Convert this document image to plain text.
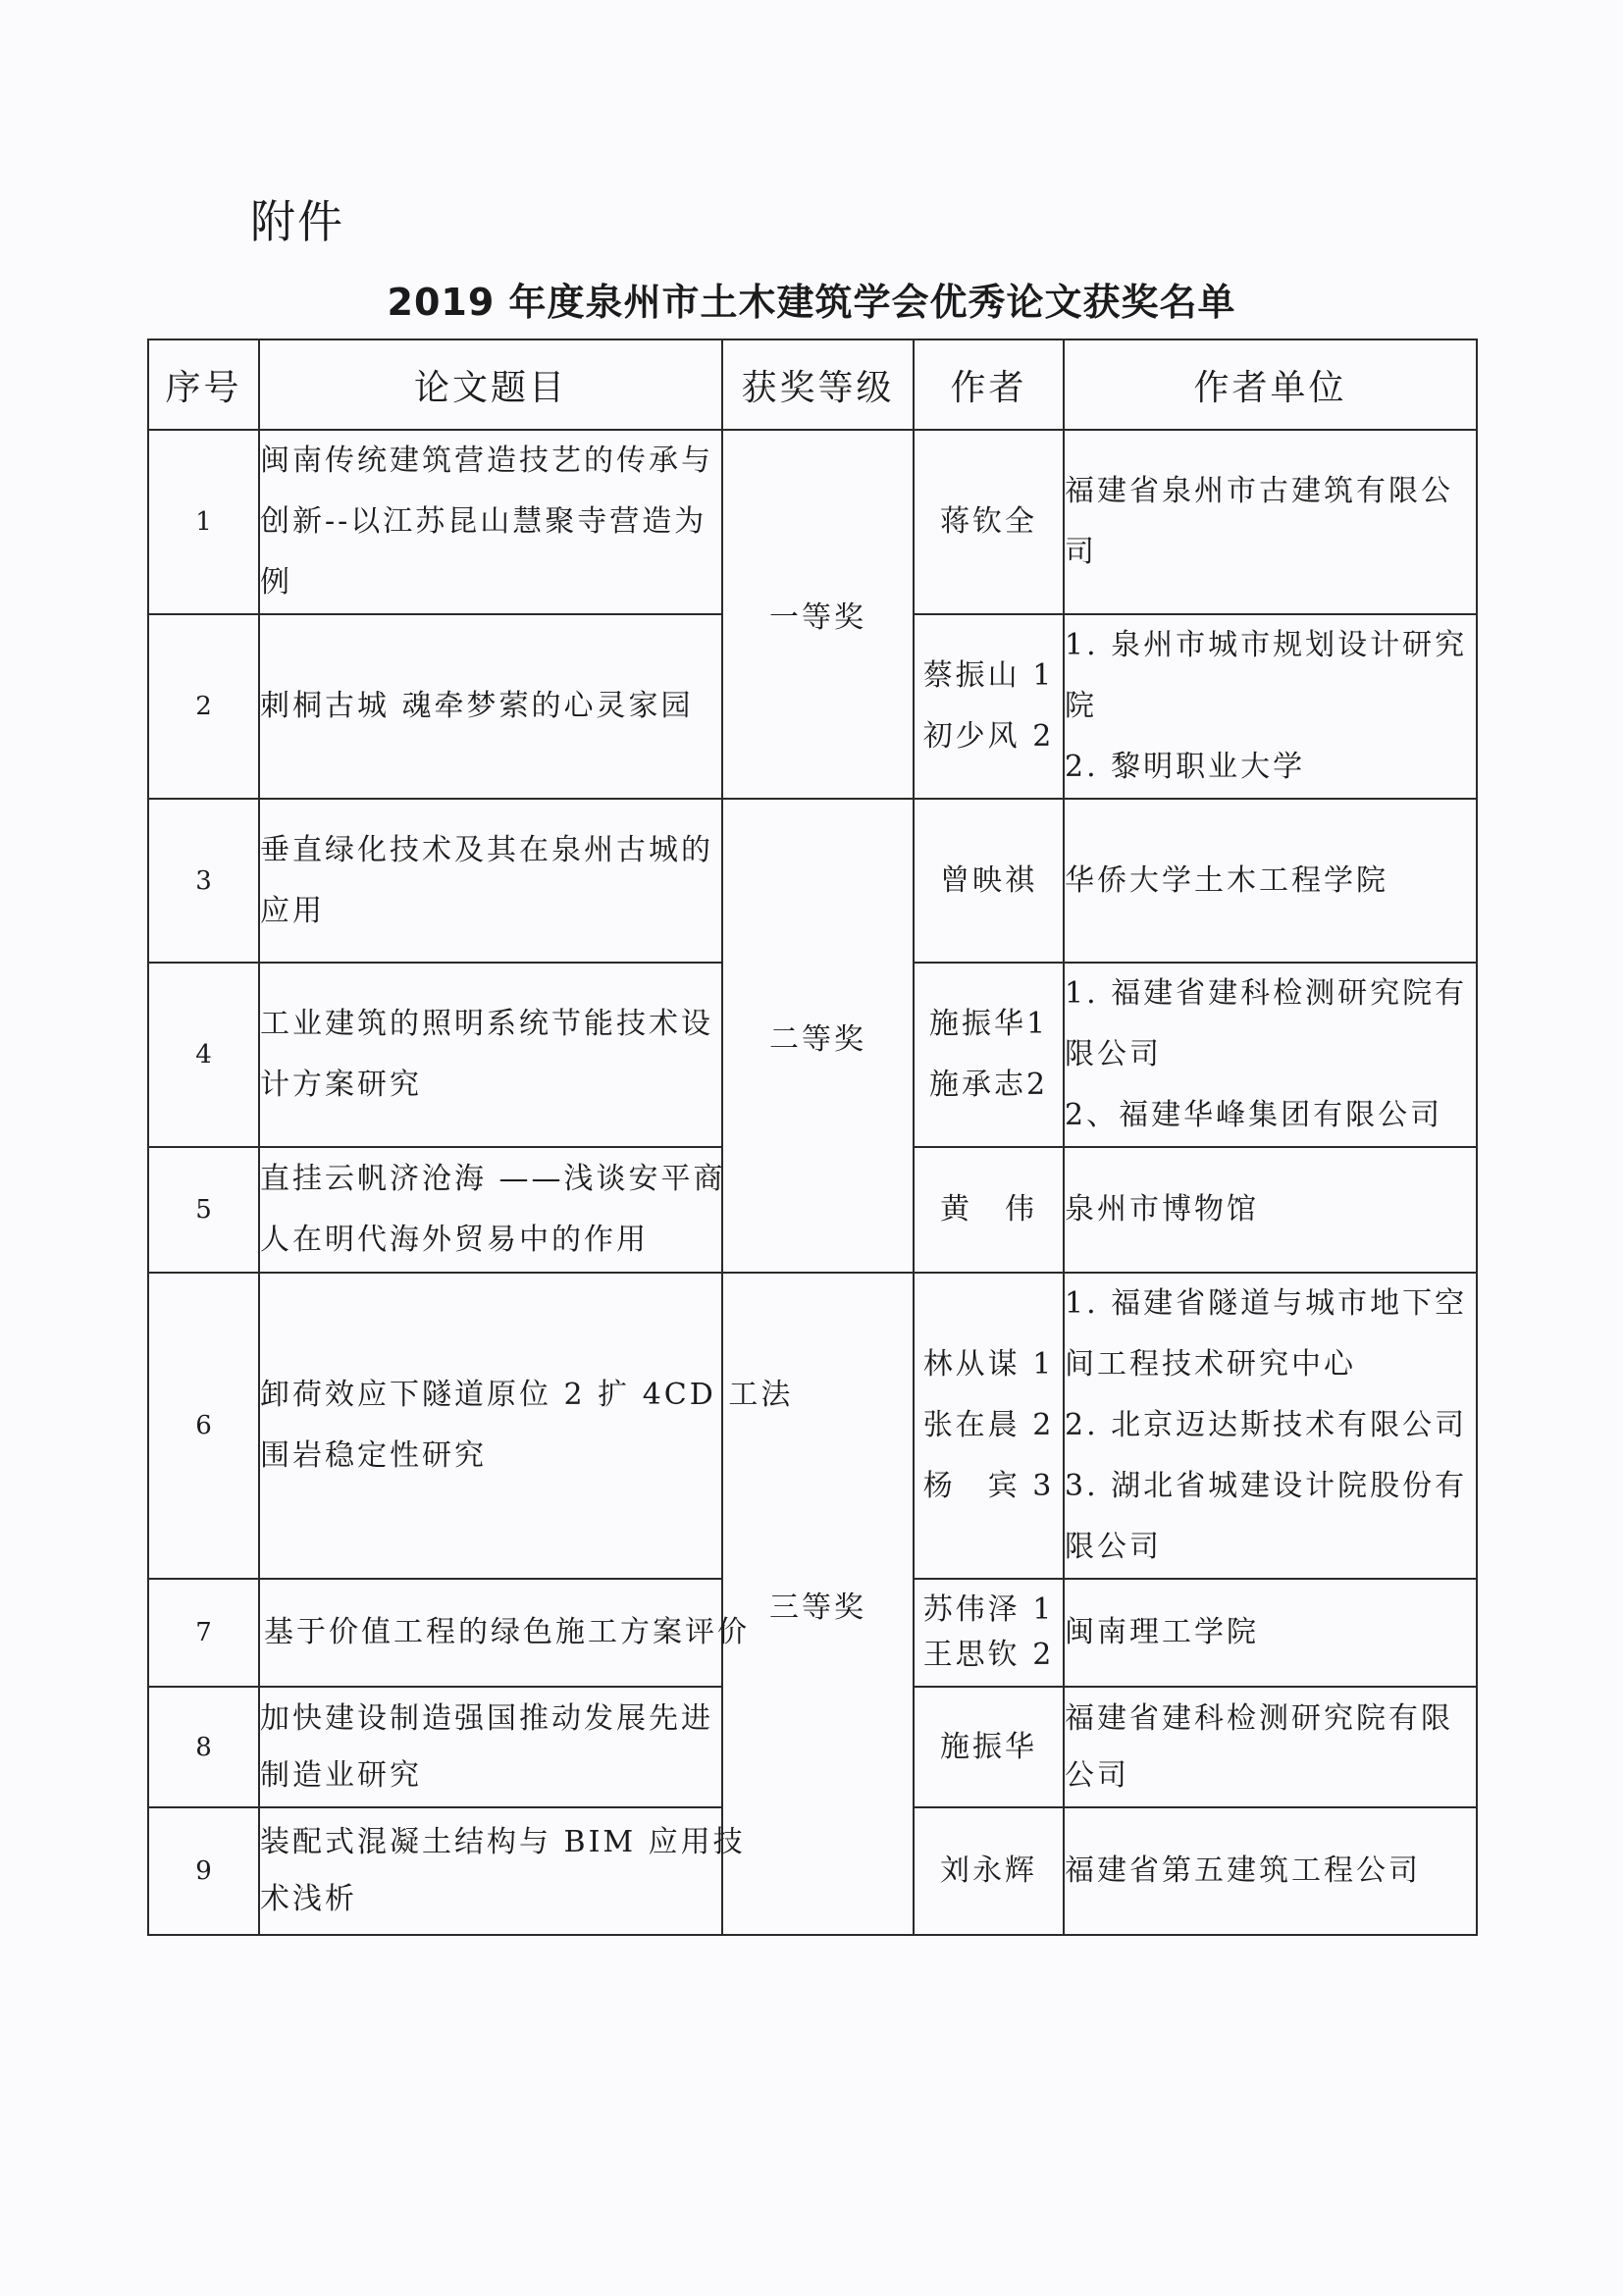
附件
2019 年度泉州市土木建筑学会优秀论文获奖名单
序号	论文题目	获奖等级	作者	作者单位
1	闽南传统建筑营造技艺的传承与
创新--以江苏昆山慧聚寺营造为
例	一等奖	蒋钦全	福建省泉州市古建筑有限公
司

2	刺桐古城 魂牵梦萦的心灵家园		蔡振山 1
初少风 2	1. 泉州市城市规划设计研究
院
2. 黎明职业大学

3	垂直绿化技术及其在泉州古城的
应用	二等奖	曾映祺	华侨大学土木工程学院

4	工业建筑的照明系统节能技术设
计方案研究		施振华1
施承志2	1. 福建省建科检测研究院有
限公司
2、福建华峰集团有限公司

5	直挂云帆济沧海 ——浅谈安平商
人在明代海外贸易中的作用		黄　伟	泉州市博物馆

6	卸荷效应下隧道原位 2 扩 4CD 工法
围岩稳定性研究	三等奖	林从谋 1
张在晨 2
杨　宾 3	1. 福建省隧道与城市地下空
间工程技术研究中心
2. 北京迈达斯技术有限公司
3. 湖北省城建设计院股份有
限公司

7	基于价值工程的绿色施工方案评价		苏伟泽 1
王思钦 2	闽南理工学院

8	加快建设制造强国推动发展先进
制造业研究		施振华	福建省建科检测研究院有限
公司

9	装配式混凝土结构与 BIM 应用技
术浅析		刘永辉	福建省第五建筑工程公司
